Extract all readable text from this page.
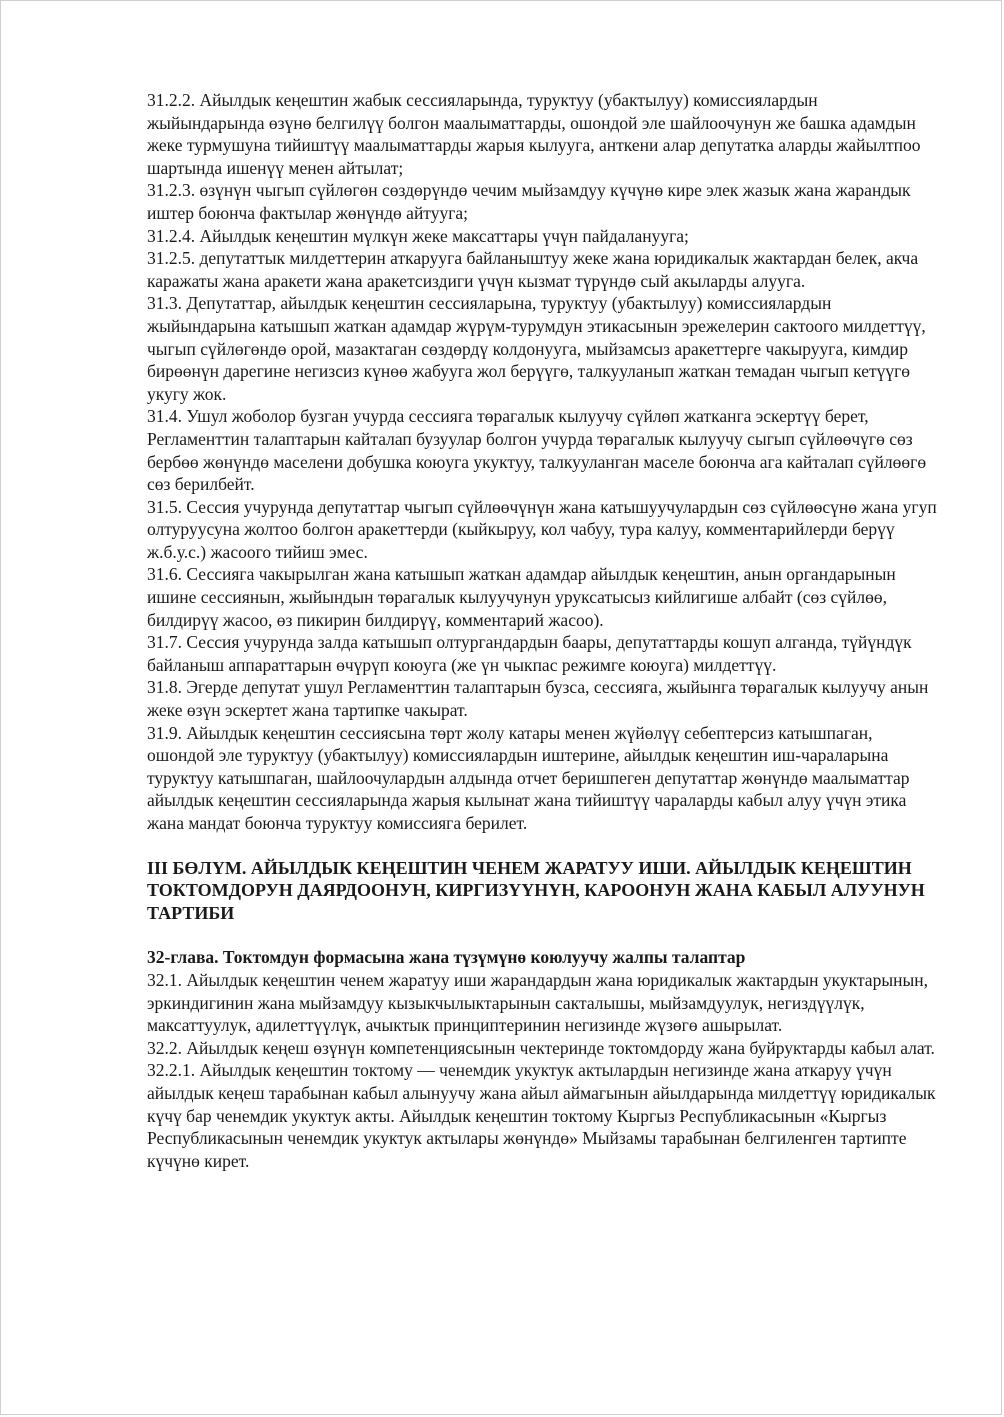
31.2.2. Айылдык кеңештин жабык сессияларында, туруктуу (убактылуу) комиссиялардын жыйындарында өзүнө белгилүү болгон маалыматтарды, ошондой эле шайлоочунун же башка адамдын жеке турмушуна тийиштүү маалыматтарды жарыя кылууга, анткени алар депутатка аларды жайылтпоо шартында ишенүү менен айтылат;

31.2.3. өзүнүн чыгып сүйлөгөн сөздөрүндө чечим мыйзамдуу күчүнө кире элек жазык жана жарандык иштер боюнча фактылар жөнүндө айтууга;

31.2.4. Айылдык кеңештин мүлкүн жеке максаттары үчүн пайдаланууга;

31.2.5. депутаттык милдеттерин аткарууга байланыштуу жеке жана юридикалык жактардан белек, акча каражаты жана аракети жана аракетсиздиги үчүн кызмат түрүндө сый акыларды алууга.

31.3. Депутаттар, айылдык кеңештин сессияларына, туруктуу (убактылуу) комиссиялардын жыйындарына катышып жаткан адамдар жүрүм-турумдун этикасынын эрежелерин сактоого милдеттүү, чыгып сүйлөгөндө орой, мазактаган сөздөрдү колдонууга, мыйзамсыз аракеттерге чакырууга, кимдир бирөөнүн дарегине негизсиз күнөө жабууга жол берүүгө, талкууланып жаткан темадан чыгып кетүүгө укугу жок.

31.4. Ушул жоболор бузган учурда сессияга төрагалык кылуучу сүйлөп жатканга эскертүү берет, Регламенттин талаптарын кайталап бузуулар болгон учурда төрагалык кылуучу сыгып сүйлөөчүгө сөз бербөө жөнүндө маселени добушка коюуга укуктуу, талкууланган маселе боюнча ага кайталап сүйлөөгө сөз берилбейт.

31.5. Сессия учурунда депутаттар чыгып сүйлөөчүнүн жана катышуучулардын сөз сүйлөөсүнө жана угуп олтуруусуна жолтоо болгон аракеттерди (кыйкыруу, кол чабуу, тура калуу, комментарийлерди берүү ж.б.у.с.) жасоого тийиш эмес.

31.6. Сессияга чакырылган жана катышып жаткан адамдар айылдык кеңештин, анын органдарынын ишине сессиянын, жыйындын төрагалык кылуучунун уруксатысыз кийлигише албайт (сөз сүйлөө, билдирүү жасоо, өз пикирин билдирүү, комментарий жасоо).

31.7. Сессия учурунда залда катышып олтургандардын баары, депутаттарды кошуп алганда, түйүндүк байланыш аппараттарын өчүрүп коюуга (же үн чыкпас режимге коюуга) милдеттүү.

31.8. Эгерде депутат ушул Регламенттин талаптарын бузса, сессияга, жыйынга төрагалык кылуучу анын жеке өзүн эскертет жана тартипке чакырат.

31.9. Айылдык кеңештин сессиясына төрт жолу катары менен жүйөлүү себептерсиз катышпаган, ошондой эле туруктуу (убактылуу) комиссиялардын иштерине, айылдык кеңештин иш-чараларына туруктуу катышпаган, шайлоочулардын алдында отчет беришпеген депутаттар жөнүндө маалыматтар айылдык кеңештин сессияларында жарыя кылынат жана тийиштүү чараларды кабыл алуу үчүн этика жана мандат боюнча туруктуу комиссияга берилет.

III БӨЛҮМ. АЙЫЛДЫК КЕҢЕШТИН ЧЕНЕМ ЖАРАТУУ ИШИ. АЙЫЛДЫК КЕҢЕШТИН ТОКТОМДОРУН ДАЯРДООНУН, КИРГИЗҮҮНҮН, КАРООНУН ЖАНА КАБЫЛ АЛУУНУН ТАРТИБИ

32-глава. Токтомдун формасына жана түзүмүнө коюлуучу жалпы талаптар

32.1. Айылдык кеңештин ченем жаратуу иши жарандардын жана юридикалык жактардын укуктарынын, эркиндигинин жана мыйзамдуу кызыкчылыктарынын сакталышы, мыйзамдуулук, негиздүүлүк, максаттуулук, адилеттүүлүк, ачыктык принциптеринин негизинде жүзөгө ашырылат.

32.2. Айылдык кеңеш өзүнүн компетенциясынын чектеринде токтомдорду жана буйруктарды кабыл алат.

32.2.1. Айылдык кеңештин токтому — ченемдик укуктук актылардын негизинде жана аткаруу үчүн айылдык кеңеш тарабынан кабыл алынуучу жана айыл аймагынын айылдарында милдеттүү юридикалык күчү бар ченемдик укуктук акты. Айылдык кеңештин токтому Кыргыз Республикасынын «Кыргыз Республикасынын ченемдик укуктук актылары жөнүндө» Мыйзамы тарабынан белгиленген тартипте күчүнө кирет.
